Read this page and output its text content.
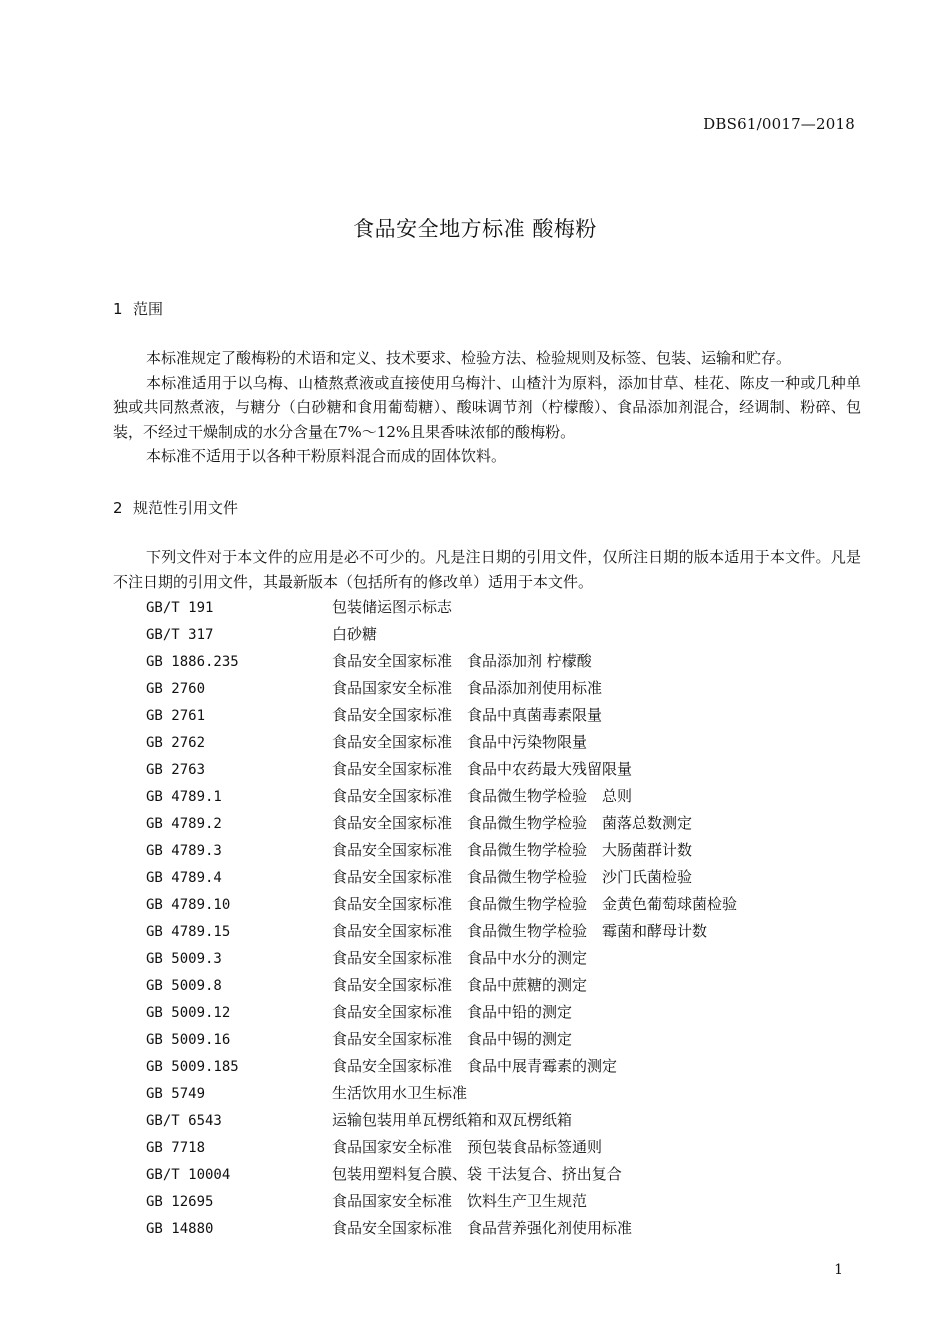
DBS61/0017—2018
食品安全地方标准 酸梅粉
1 范围

本标准规定了酸梅粉的术语和定义、技术要求、检验方法、检验规则及标签、包装、运输和贮存。

本标准适用于以乌梅、山楂熬煮液或直接使用乌梅汁、山楂汁为原料，添加甘草、桂花、陈皮一种或几种单独或共同熬煮液，与糖分（白砂糖和食用葡萄糖）、酸味调节剂（柠檬酸）、食品添加剂混合，经调制、粉碎、包装，不经过干燥制成的水分含量在7%～12%且果香味浓郁的酸梅粉。

本标准不适用于以各种干粉原料混合而成的固体饮料。

2 规范性引用文件

下列文件对于本文件的应用是必不可少的。凡是注日期的引用文件，仅所注日期的版本适用于本文件。凡是不注日期的引用文件，其最新版本（包括所有的修改单）适用于本文件。

GB/T 191	包装储运图示标志
GB/T 317	白砂糖
GB 1886.235	食品安全国家标准　食品添加剂 柠檬酸
GB 2760	食品国家安全标准　食品添加剂使用标准
GB 2761	食品安全国家标准　食品中真菌毒素限量
GB 2762	食品安全国家标准　食品中污染物限量
GB 2763	食品安全国家标准　食品中农药最大残留限量
GB 4789.1	食品安全国家标准　食品微生物学检验　总则
GB 4789.2	食品安全国家标准　食品微生物学检验　菌落总数测定
GB 4789.3	食品安全国家标准　食品微生物学检验　大肠菌群计数
GB 4789.4	食品安全国家标准　食品微生物学检验　沙门氏菌检验
GB 4789.10	食品安全国家标准　食品微生物学检验　金黄色葡萄球菌检验
GB 4789.15	食品安全国家标准　食品微生物学检验　霉菌和酵母计数
GB 5009.3	食品安全国家标准　食品中水分的测定
GB 5009.8	食品安全国家标准　食品中蔗糖的测定
GB 5009.12	食品安全国家标准　食品中铅的测定
GB 5009.16	食品安全国家标准　食品中锡的测定
GB 5009.185	食品安全国家标准　食品中展青霉素的测定
GB 5749	生活饮用水卫生标准
GB/T 6543	运输包装用单瓦楞纸箱和双瓦楞纸箱
GB 7718	食品国家安全标准　预包装食品标签通则
GB/T 10004	包装用塑料复合膜、袋 干法复合、挤出复合
GB 12695	食品国家安全标准　饮料生产卫生规范
GB 14880	食品安全国家标准　食品营养强化剂使用标准
1
